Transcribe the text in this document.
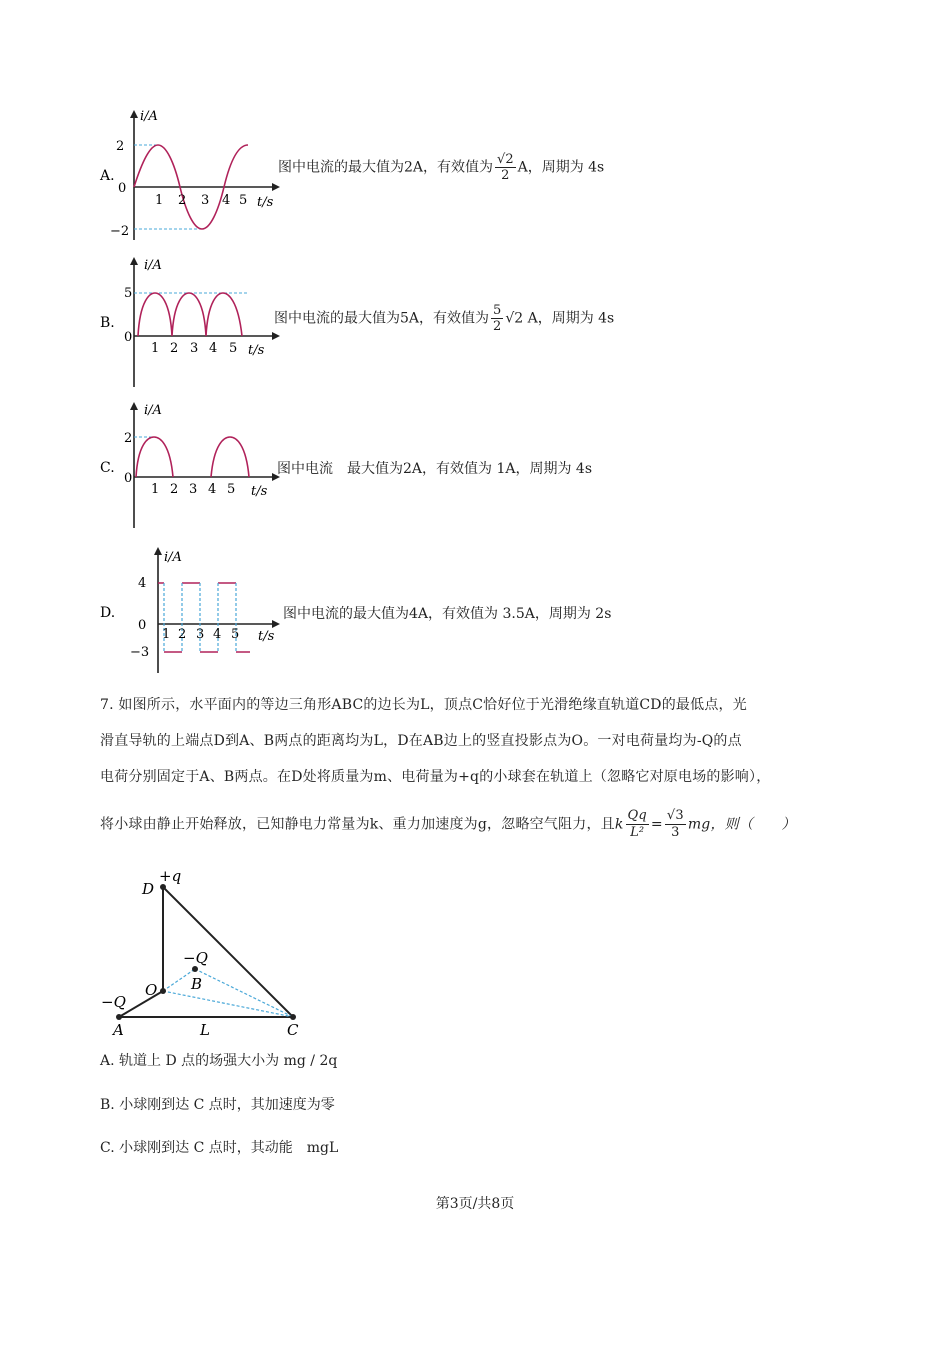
A.
i/A
2
0
−2
1 2 3 4 5 t/s
图中电流的最大值为2A，有效值为 $\frac{√2}{2}$ A，周期为 4s
B.
i/A
5
0
1 2 3 4 5 t/s
图中电流的最大值为5A，有效值为 $\frac{5}{2} √2$ A，周期为 4s
C.
i/A
2
0
1 2 3 4 5 t/s
图中电流　最大值为2A，有效值为 1A，周期为 4s
D.
i/A
4
0
−3
1 2 3 4 5 t/s
图中电流的最大值为4A，有效值为 3.5A，周期为 2s
7. 如图所示，水平面内的等边三角形ABC的边长为L，顶点C恰好位于光滑绝缘直轨道CD的最低点，光
滑直导轨的上端点D到A、B两点的距离均为L，D在AB边上的竖直投影点为O。一对电荷量均为-Q的点
电荷分别固定于A、B两点。在D处将质量为m、电荷量为+q的小球套在轨道上（忽略它对原电场的影响），
将小球由静止开始释放，已知静电力常量为k、重力加速度为g，忽略空气阻力，且k $\frac{Qq}{\text{L²}} = \frac{√3}{3}$ mg，则（　　）
D
+q
−Q
B
O
−Q
A	L	C
A. 轨道上 D 点的场强大小为 mg / 2q
B. 小球刚到达 C 点时，其加速度为零
C. 小球刚到达 C 点时，其动能　mgL
第3页/共8页
